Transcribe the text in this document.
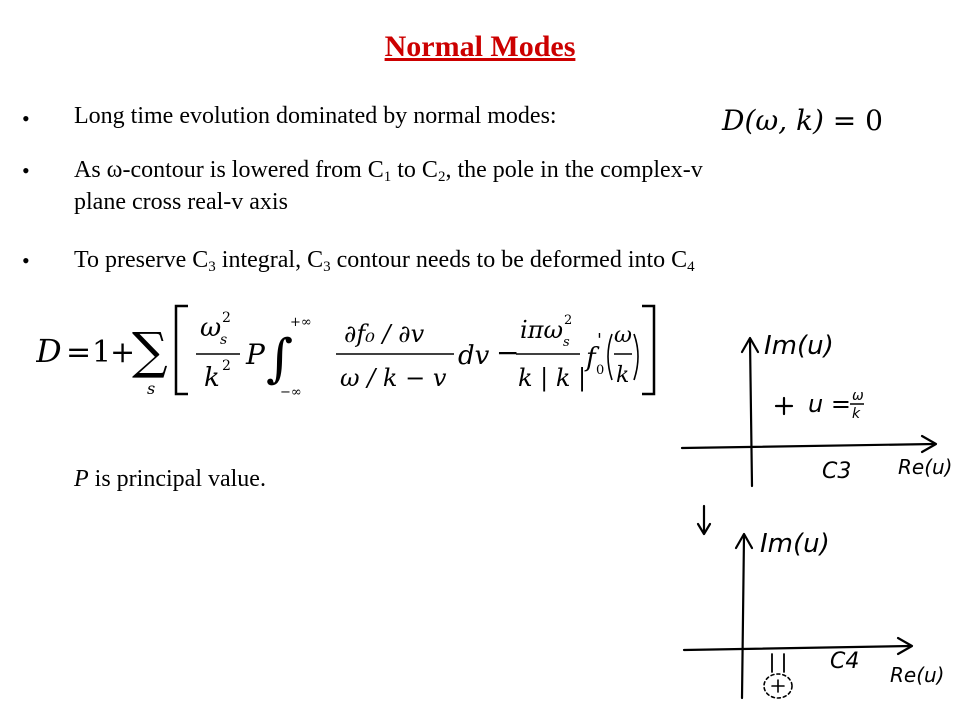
Normal Modes
• Long time evolution dominated by normal modes:	D(ω, k) = 0
• As ω-contour is lowered from $C_1$ to $C_2$, the pole in the complex-v
plane cross real-v axis
• To preserve $C_3$ integral, $C_3$ contour needs to be deformed into $C_4$
D = 1
+
∑
s
ω
s
2
k 2 P ∫
+∞
−∞
∂f₀ / ∂v
ω / k − v
dv −
iπω s
2
k | k |
f 0
' ω
k
P is principal value.
Im(u)
u = ω
k
C3 Re(u)
Im(u)
C4
Re(u)
